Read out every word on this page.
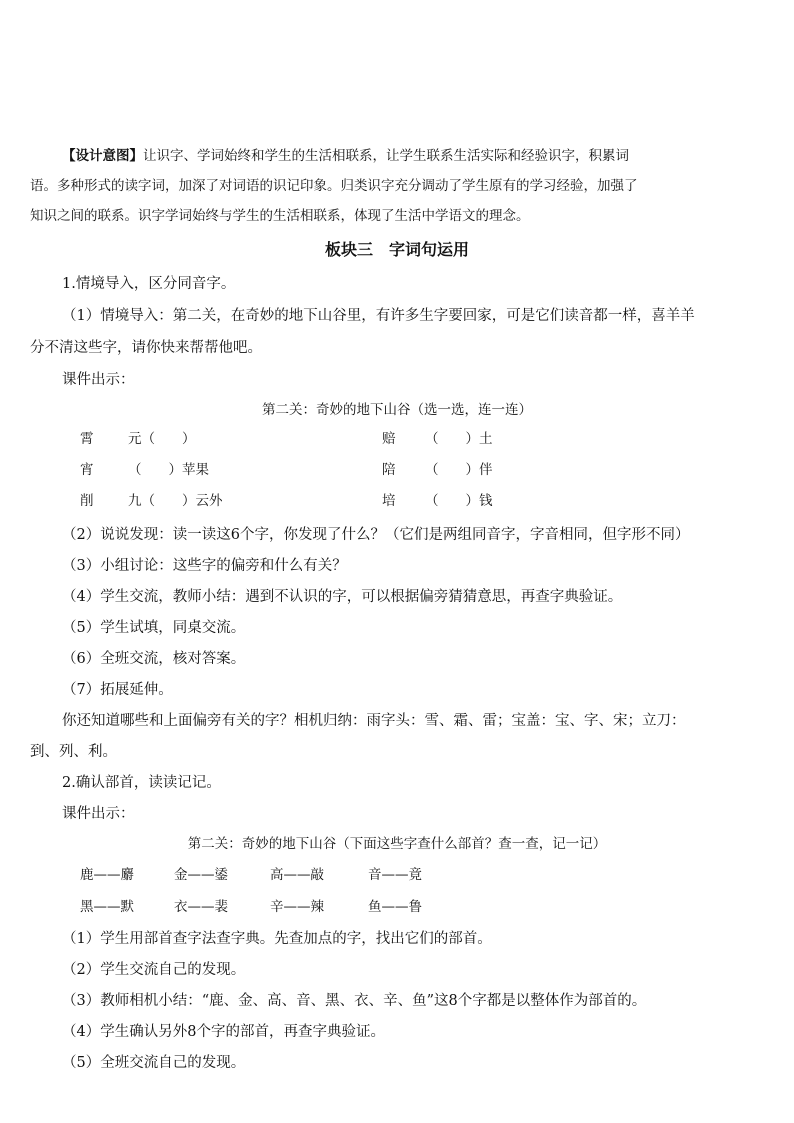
【设计意图】让识字、学词始终和学生的生活相联系，让学生联系生活实际和经验识字，积累词
语。多种形式的读字词，加深了对词语的识记印象。归类识字充分调动了学生原有的学习经验，加强了
知识之间的联系。识字学词始终与学生的生活相联系，体现了生活中学语文的理念。
板块三　字词句运用
1.情境导入，区分同音字。
（1）情境导入：第二关，在奇妙的地下山谷里，有许多生字要回家，可是它们读音都一样，喜羊羊
分不清这些字，请你快来帮帮他吧。
课件出示：
第二关：奇妙的地下山谷（选一选，连一连）
霄	元（　　）	赔 （　　）土
宵	（　　）苹果	陪 （　　）伴
削	九（　　）云外	培 （　　）钱
（2）说说发现：读一读这6个字，你发现了什么？（它们是两组同音字，字音相同，但字形不同）
（3）小组讨论：这些字的偏旁和什么有关？
（4）学生交流，教师小结：遇到不认识的字，可以根据偏旁猜猜意思，再查字典验证。
（5）学生试填，同桌交流。
（6）全班交流，核对答案。
（7）拓展延伸。
你还知道哪些和上面偏旁有关的字？相机归纳：雨字头：雪、霜、雷；宝盖：宝、字、宋；立刀：
到、列、利。
2.确认部首，读读记记。
课件出示：
第二关：奇妙的地下山谷（下面这些字查什么部首？查一查，记一记）
鹿——麝	金——鋈	高——敲	音——竟
黑——默	衣——裴	辛——辣	鱼——鲁
（1）学生用部首查字法查字典。先查加点的字，找出它们的部首。
（2）学生交流自己的发现。
（3）教师相机小结：“鹿、金、高、音、黑、衣、辛、鱼”这8个字都是以整体作为部首的。
（4）学生确认另外8个字的部首，再查字典验证。
（5）全班交流自己的发现。
